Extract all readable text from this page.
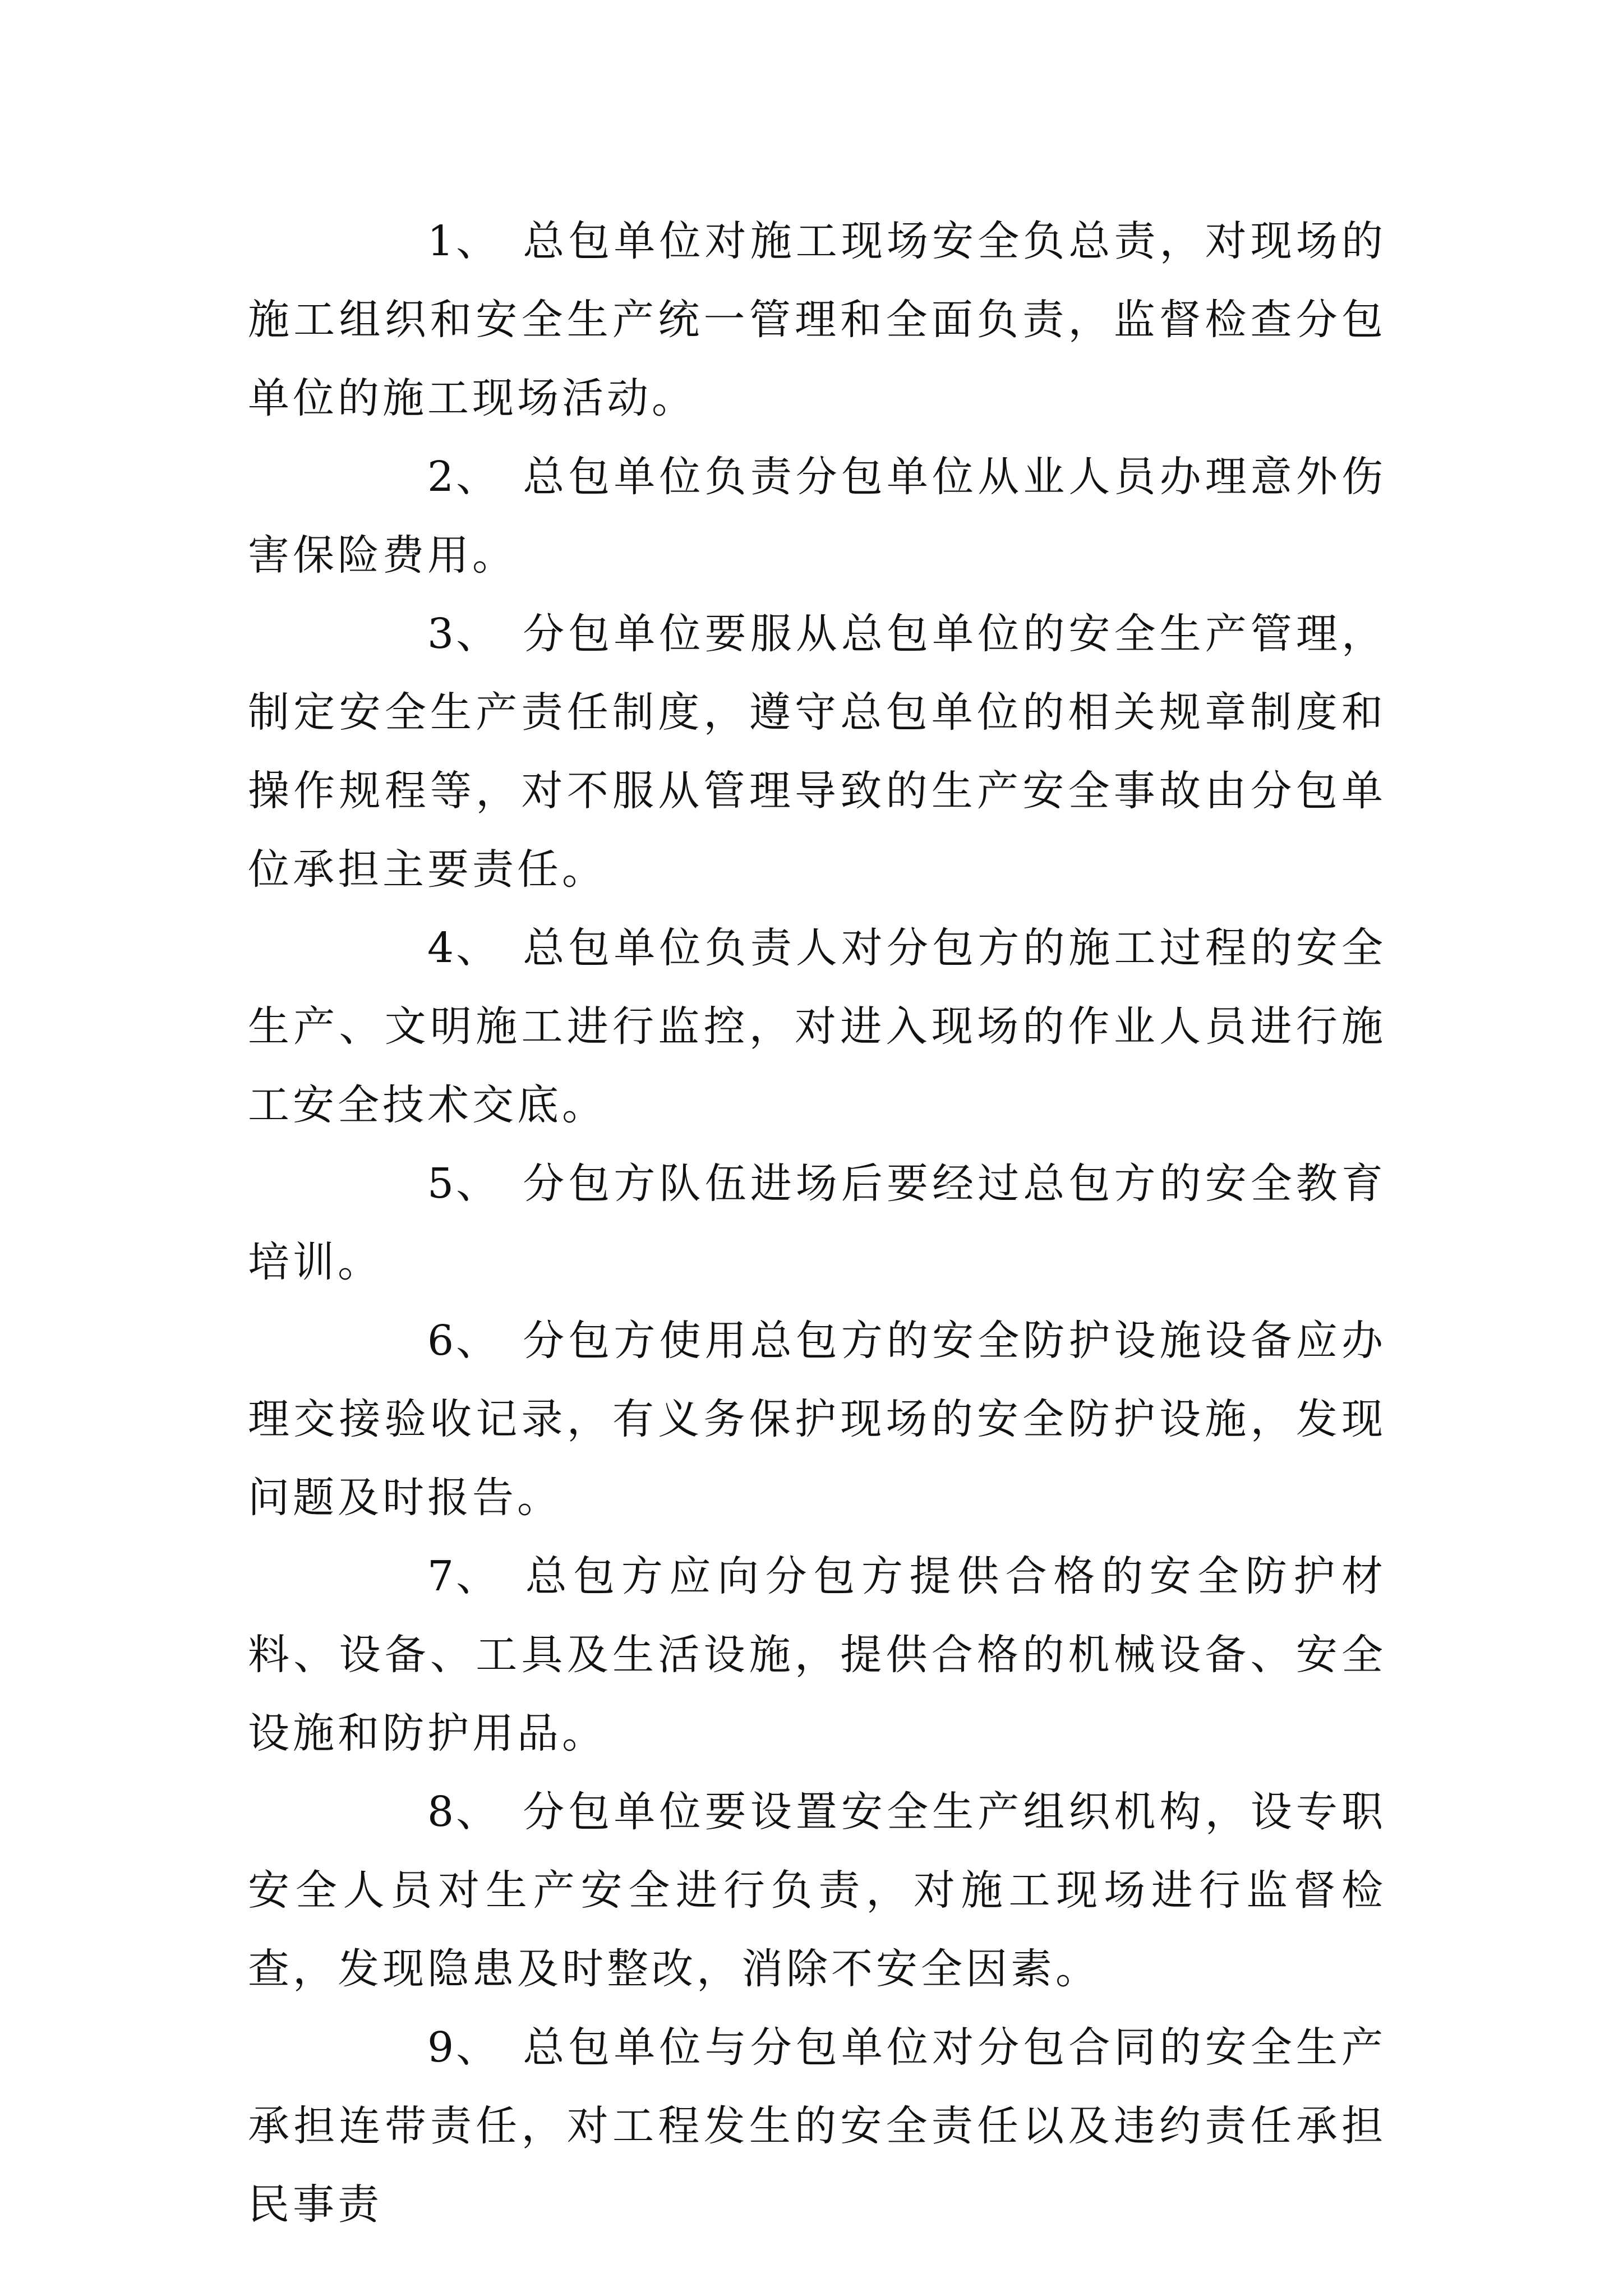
1、 总包单位对施工现场安全负总责，对现场的施工组织和安全生产统一管理和全面负责，监督检查分包单位的施工现场活动。

2、 总包单位负责分包单位从业人员办理意外伤害保险费用。

3、 分包单位要服从总包单位的安全生产管理，制定安全生产责任制度，遵守总包单位的相关规章制度和操作规程等，对不服从管理导致的生产安全事故由分包单位承担主要责任。

4、 总包单位负责人对分包方的施工过程的安全生产、文明施工进行监控，对进入现场的作业人员进行施工安全技术交底。

5、 分包方队伍进场后要经过总包方的安全教育培训。

6、 分包方使用总包方的安全防护设施设备应办理交接验收记录，有义务保护现场的安全防护设施，发现问题及时报告。

7、 总包方应向分包方提供合格的安全防护材料、设备、工具及生活设施，提供合格的机械设备、安全设施和防护用品。

8、 分包单位要设置安全生产组织机构，设专职安全人员对生产安全进行负责，对施工现场进行监督检查，发现隐患及时整改，消除不安全因素。

9、 总包单位与分包单位对分包合同的安全生产承担连带责任，对工程发生的安全责任以及违约责任承担民事责
